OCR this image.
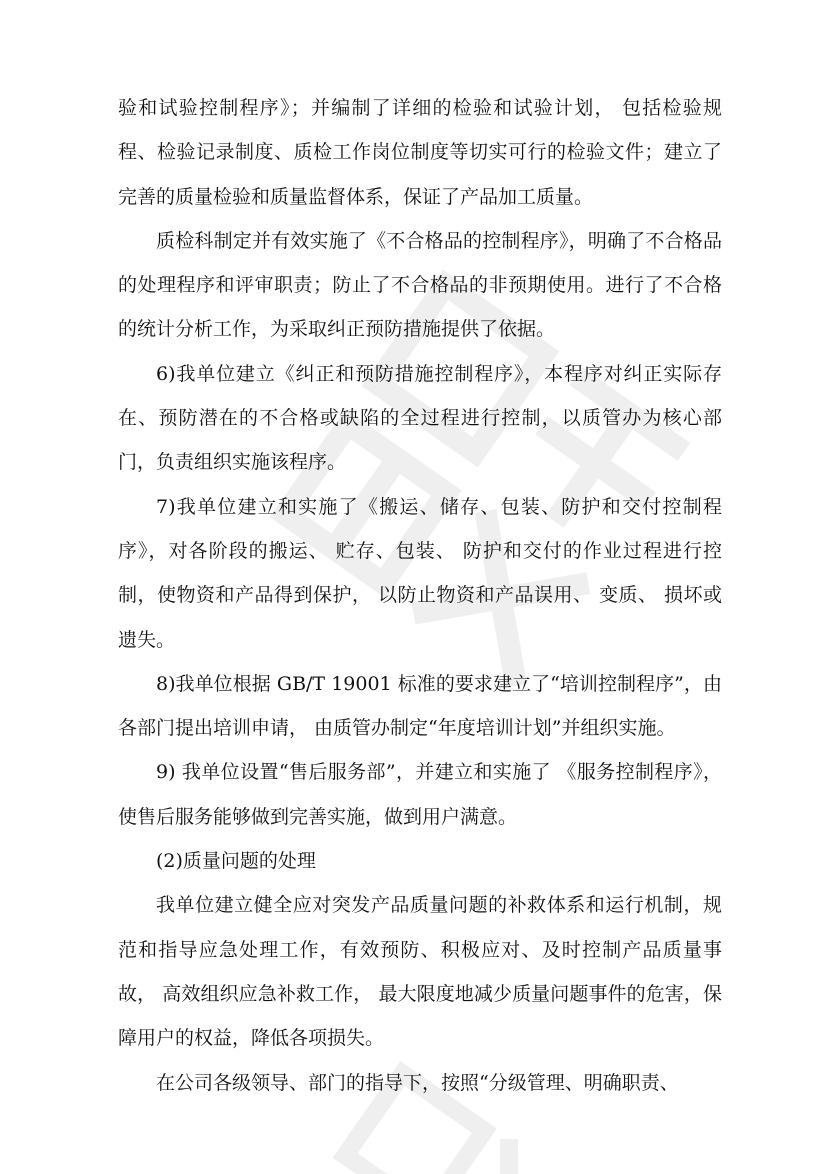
验和试验控制程序》；并编制了详细的检验和试验计划， 包括检验规程、检验记录制度、质检工作岗位制度等切实可行的检验文件；建立了完善的质量检验和质量监督体系，保证了产品加工质量。

质检科制定并有效实施了《不合格品的控制程序》，明确了不合格品的处理程序和评审职责；防止了不合格品的非预期使用。进行了不合格的统计分析工作，为采取纠正预防措施提供了依据。

6)我单位建立《纠正和预防措施控制程序》，本程序对纠正实际存在、预防潜在的不合格或缺陷的全过程进行控制，以质管办为核心部门，负责组织实施该程序。

7)我单位建立和实施了《搬运、储存、包装、防护和交付控制程序》，对各阶段的搬运、 贮存、包装、 防护和交付的作业过程进行控制，使物资和产品得到保护， 以防止物资和产品误用、 变质、 损坏或遗失。

8)我单位根据 GB/T 19001 标准的要求建立了“培训控制程序”，由各部门提出培训申请， 由质管办制定“年度培训计划”并组织实施。

9) 我单位设置“售后服务部”，并建立和实施了 《服务控制程序》，使售后服务能够做到完善实施，做到用户满意。

(2)质量问题的处理

我单位建立健全应对突发产品质量问题的补救体系和运行机制，规范和指导应急处理工作，有效预防、积极应对、及时控制产品质量事故， 高效组织应急补救工作， 最大限度地减少质量问题事件的危害，保障用户的权益，降低各项损失。

在公司各级领导、部门的指导下，按照“分级管理、明确职责、
